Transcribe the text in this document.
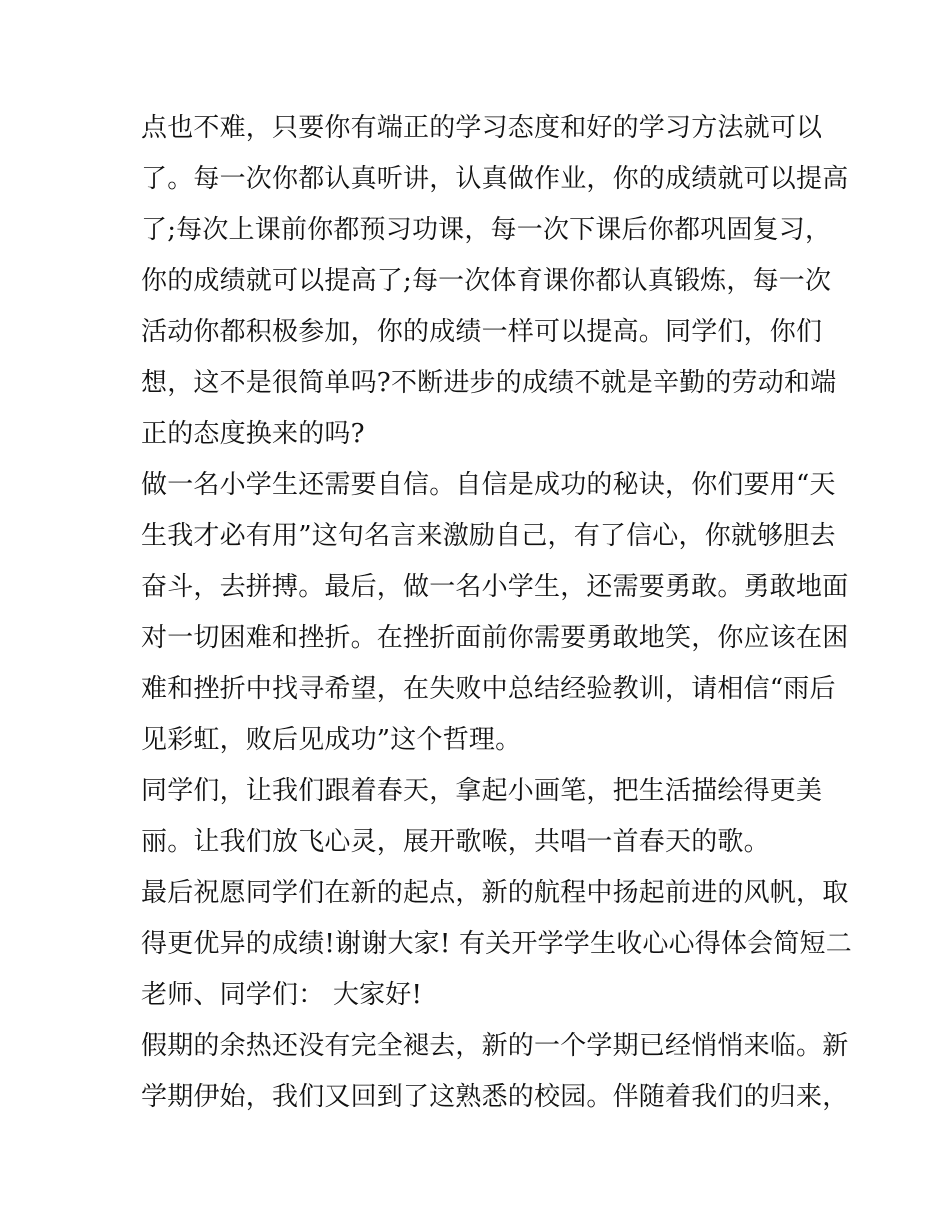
点也不难，只要你有端正的学习态度和好的学习方法就可以
了。每一次你都认真听讲，认真做作业，你的成绩就可以提高
了;每次上课前你都预习功课，每一次下课后你都巩固复习，
你的成绩就可以提高了;每一次体育课你都认真锻炼，每一次
活动你都积极参加，你的成绩一样可以提高。同学们，你们
想，这不是很简单吗?不断进步的成绩不就是辛勤的劳动和端
正的态度换来的吗?
做一名小学生还需要自信。自信是成功的秘诀，你们要用“天
生我才必有用”这句名言来激励自己，有了信心，你就够胆去
奋斗，去拼搏。最后，做一名小学生，还需要勇敢。勇敢地面
对一切困难和挫折。在挫折面前你需要勇敢地笑，你应该在困
难和挫折中找寻希望，在失败中总结经验教训，请相信“雨后
见彩虹，败后见成功”这个哲理。
同学们，让我们跟着春天，拿起小画笔，把生活描绘得更美
丽。让我们放飞心灵，展开歌喉，共唱一首春天的歌。
最后祝愿同学们在新的起点，新的航程中扬起前进的风帆，取
得更优异的成绩!谢谢大家! 有关开学学生收心心得体会简短二
老师、同学们： 大家好!
假期的余热还没有完全褪去，新的一个学期已经悄悄来临。新
学期伊始，我们又回到了这熟悉的校园。伴随着我们的归来，
